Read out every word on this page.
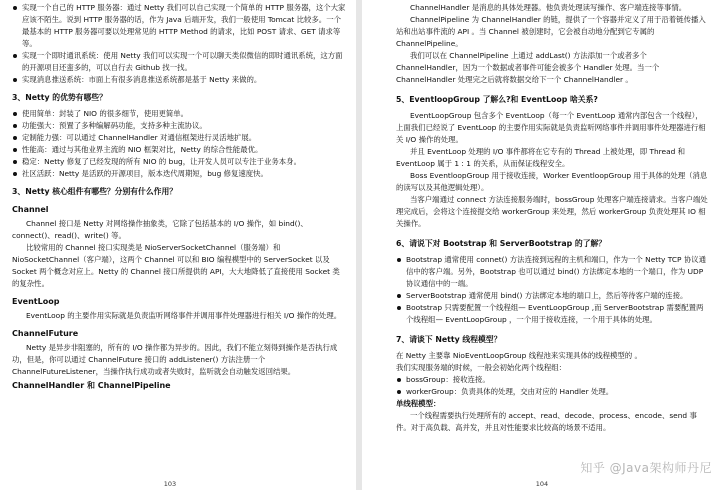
实现一个自己的 HTTP 服务器：通过 Netty 我们可以自己实现一个简单的 HTTP 服务器，这个大家应该不陌生。说到 HTTP 服务器的话，作为 Java 后端开发，我们一般使用 Tomcat 比较多。一个最基本的 HTTP 服务器可要以处理常见的 HTTP Method 的请求，比如 POST 请求、GET 请求等等。
实现一个即时通讯系统：使用 Netty 我们可以实现一个可以聊天类似微信的即时通讯系统，这方面的开源项目还蛮多的，可以自行去 Github 找一找。
实现消息推送系统：市面上有很多消息推送系统都是基于 Netty 来做的。
3、Netty 的优势有哪些？
使用简单：封装了 NIO 的很多细节，使用更简单。
功能强大：预置了多种编解码功能，支持多种主流协议。
定制能力强：可以通过 ChannelHandler 对通信框架进行灵活地扩展。
性能高：通过与其他业界主流的 NIO 框架对比，Netty 的综合性能最优。
稳定：Netty 修复了已经发现的所有 NIO 的 bug，让开发人员可以专注于业务本身。
社区活跃：Netty 是活跃的开源项目，版本迭代周期短，bug 修复速度快。
3、Netty 核心组件有哪些？分别有什么作用？
Channel

Channel 接口是 Netty 对网络操作抽象类，它除了包括基本的 I/O 操作，如 bind()、connect()、read()、write() 等。

比较常用的 Channel 接口实现类是 NioServerSocketChannel（服务端）和 NioSocketChannel（客户端），这两个 Channel 可以和 BIO 编程模型中的 ServerSocket 以及 Socket 两个概念对应上。Netty 的 Channel 接口所提供的 API，大大地降低了直接使用 Socket 类的复杂性。

EventLoop

EventLoop 的主要作用实际就是负责监听网络事件并调用事件处理器进行相关 I/O 操作的处理。

ChannelFuture

Netty 是异步非阻塞的，所有的 I/O 操作都为异步的。因此，我们不能立刻得到操作是否执行成功，但是，你可以通过 ChannelFuture 接口的 addListener() 方法注册一个 ChannelFutureListener，当操作执行成功或者失败时，监听就会自动触发返回结果。

ChannelHandler 和 ChannelPipeline
103

ChannelHandler 是消息的具体处理器。他负责处理读写操作、客户端连接等事情。

ChannelPipeline 为 ChannelHandler 的链，提供了一个容器并定义了用于沿着链传播入站和出站事件流的 API 。当 Channel 被创建时，它会被自动地分配到它专属的 ChannelPipeline。

我们可以在 ChannelPipeline 上通过 addLast() 方法添加一个或者多个 ChannelHandler，因为一个数据或者事件可能会被多个 Handler 处理。当一个 ChannelHandler 处理完之后就将数据交给下一个 ChannelHandler 。

5、EventloopGroup 了解么?和 EventLoop 啥关系?

EventLoopGroup 包含多个 EventLoop（每一个 EventLoop 通常内部包含一个线程），上面我们已经说了 EventLoop 的主要作用实际就是负责监听网络事件并调用事件处理器进行相关 I/O 操作的处理。

并且 EventLoop 处理的 I/O 事件都将在它专有的 Thread 上被处理，即 Thread 和 EventLoop 属于 1 : 1 的关系，从而保证线程安全。

Boss EventloopGroup 用于接收连接，Worker EventloopGroup 用于具体的处理（消息的读写以及其他逻辑处理）。

当客户端通过 connect 方法连接服务端时，bossGroup 处理客户端连接请求。当客户端处理完成后，会将这个连接提交给 workerGroup 来处理，然后 workerGroup 负责处理其 IO 相关操作。

6、请说下对 Bootstrap 和 ServerBootstrap 的了解？
Bootstrap 通常使用 connet() 方法连接到远程的主机和端口，作为一个 Netty TCP 协议通信中的客户端。另外，Bootstrap 也可以通过 bind() 方法绑定本地的一个端口，作为 UDP 协议通信中的一端。
ServerBootstrap 通常使用 bind() 方法绑定本地的端口上，然后等待客户端的连接。
Bootstrap 只需要配置一个线程组— EventLoopGroup ,而 ServerBootstrap 需要配置两个线程组— EventLoopGroup ，一个用于接收连接，一个用于具体的处理。
7、请谈下 Netty 线程模型？

在 Netty 主要靠 NioEventLoopGroup 线程池来实现具体的线程模型的 。

我们实现服务端的时候，一般会初始化两个线程组：

bossGroup：接收连接。
workerGroup：负责具体的处理，交由对应的 Handler 处理。

单线程模型：

一个线程需要执行处理所有的 accept、read、decode、process、encode、send 事件。对于高负载、高并发，并且对性能要求比较高的场景不适用。

知乎 @Java架构师丹尼
104
